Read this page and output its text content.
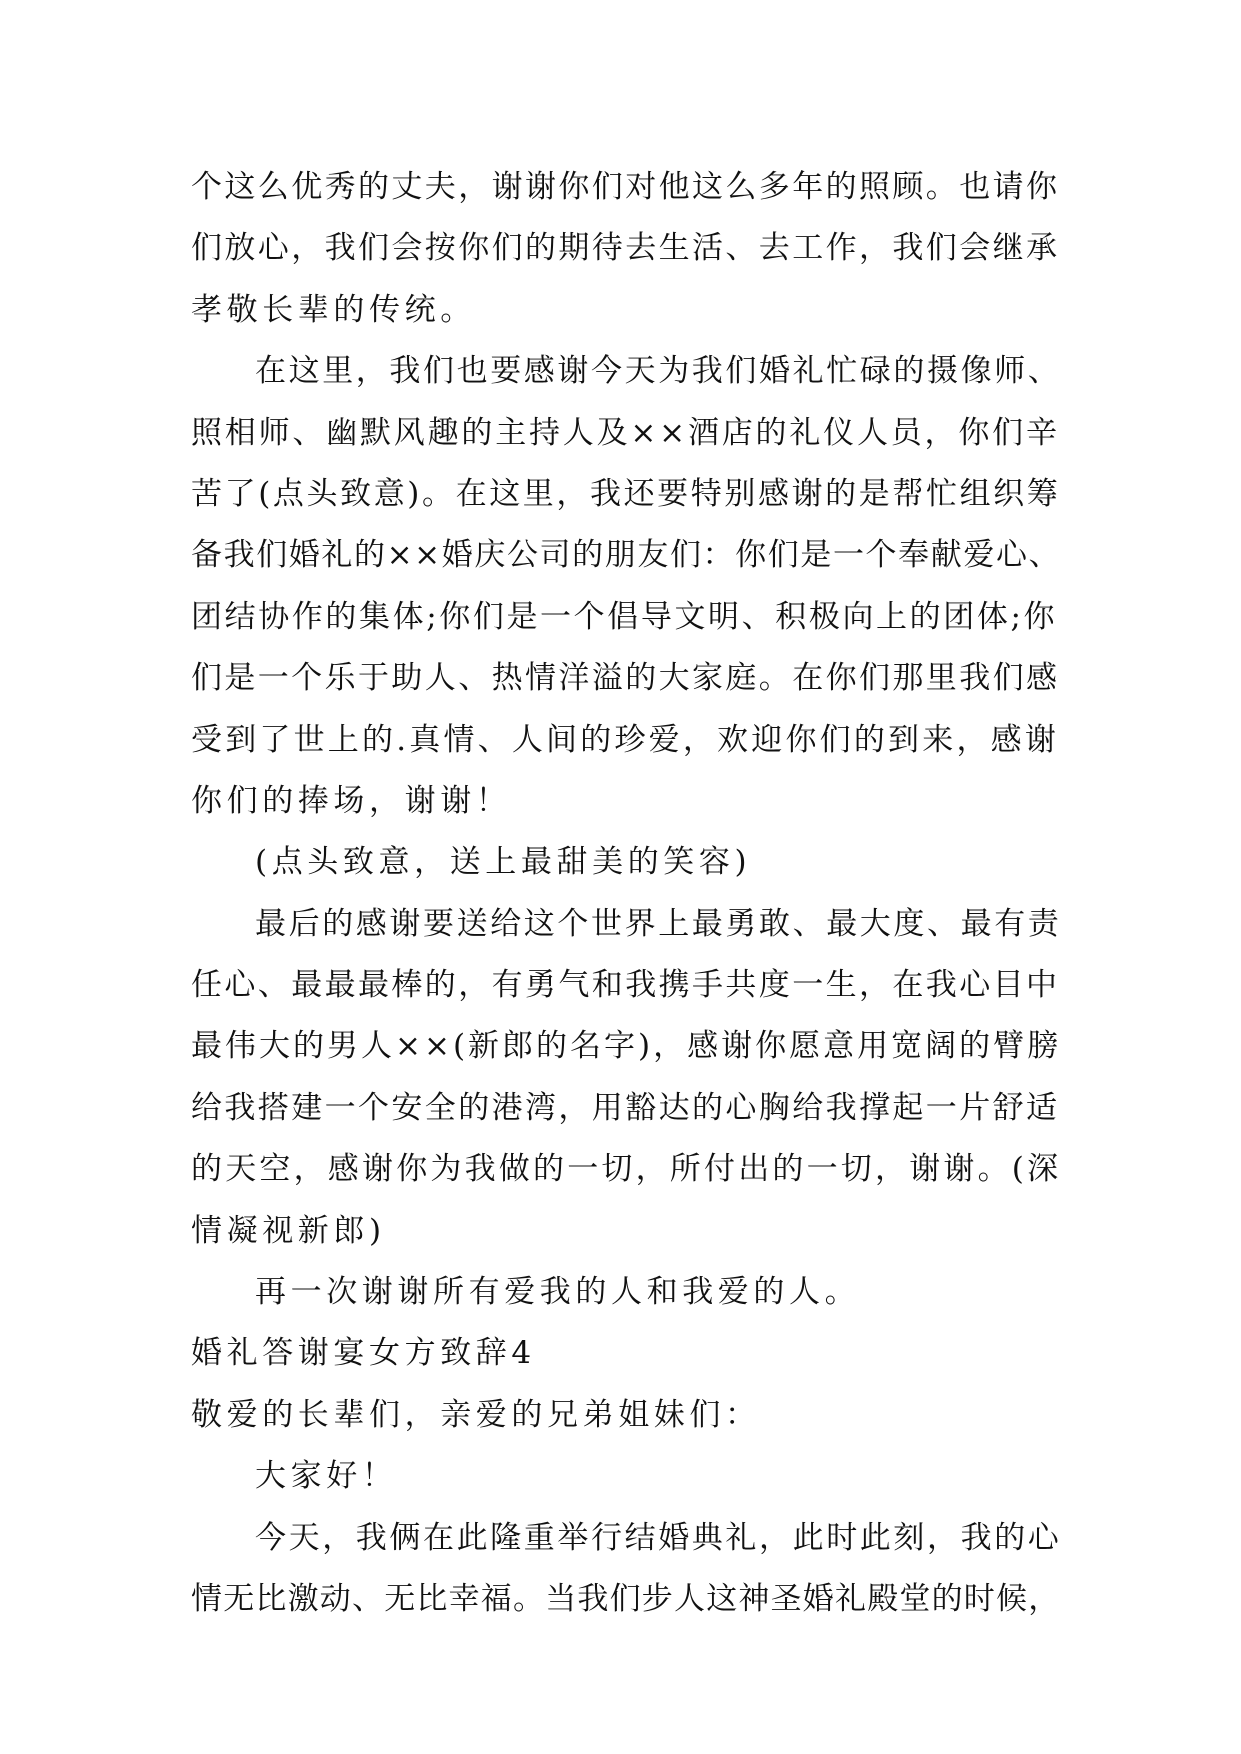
个这么优秀的丈夫，谢谢你们对他这么多年的照顾。也请你
们放心，我们会按你们的期待去生活、去工作，我们会继承
孝敬长辈的传统。
在这里，我们也要感谢今天为我们婚礼忙碌的摄像师、
照相师、幽默风趣的主持人及××酒店的礼仪人员，你们辛
苦了(点头致意)。在这里，我还要特别感谢的是帮忙组织筹
备我们婚礼的××婚庆公司的朋友们：你们是一个奉献爱心、
团结协作的集体;你们是一个倡导文明、积极向上的团体;你
们是一个乐于助人、热情洋溢的大家庭。在你们那里我们感
受到了世上的.真情、人间的珍爱，欢迎你们的到来，感谢
你们的捧场，谢谢！
(点头致意，送上最甜美的笑容)
最后的感谢要送给这个世界上最勇敢、最大度、最有责
任心、最最最棒的，有勇气和我携手共度一生，在我心目中
最伟大的男人××(新郎的名字)，感谢你愿意用宽阔的臂膀
给我搭建一个安全的港湾，用豁达的心胸给我撑起一片舒适
的天空，感谢你为我做的一切，所付出的一切，谢谢。(深
情凝视新郎)
再一次谢谢所有爱我的人和我爱的人。
婚礼答谢宴女方致辞4
敬爱的长辈们，亲爱的兄弟姐妹们：
大家好！
今天，我俩在此隆重举行结婚典礼，此时此刻，我的心
情无比激动、无比幸福。当我们步人这神圣婚礼殿堂的时候，
